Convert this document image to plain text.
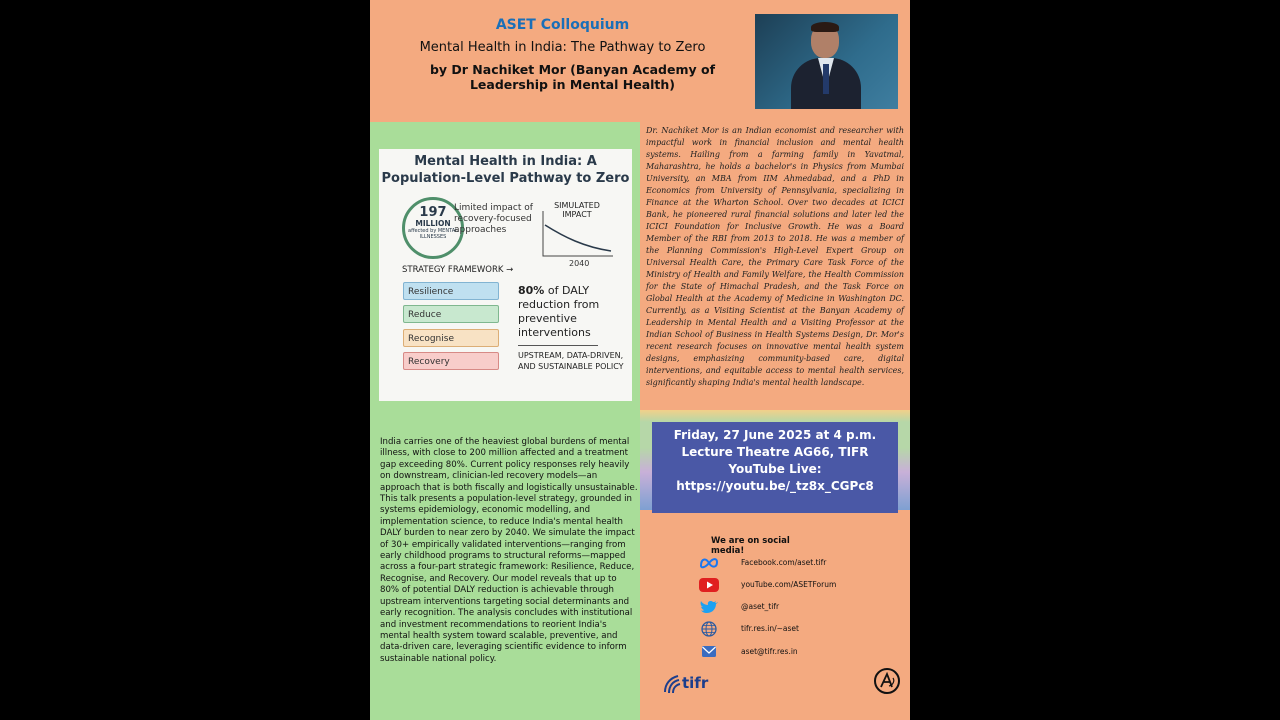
ASET Colloquium
Mental Health in India: The Pathway to Zero
by Dr Nachiket Mor (Banyan Academy of Leadership in Mental Health)
Dr. Nachiket Mor is an Indian economist and researcher with impactful work in financial inclusion and mental health systems. Hailing from a farming family in Yavatmal, Maharashtra, he holds a bachelor's in Physics from Mumbai University, an MBA from IIM Ahmedabad, and a PhD in Economics from University of Pennsylvania, specializing in Finance at the Wharton School. Over two decades at ICICI Bank, he pioneered rural financial solutions and later led the ICICI Foundation for Inclusive Growth. He was a Board Member of the RBI from 2013 to 2018. He was a member of the Planning Commission's High-Level Expert Group on Universal Health Care, the Primary Care Task Force of the Ministry of Health and Family Welfare, the Health Commission for the State of Himachal Pradesh, and the Task Force on Global Health at the Academy of Medicine in Washington DC. Currently, as a Visiting Scientist at the Banyan Academy of Leadership in Mental Health and a Visiting Professor at the Indian School of Business in Health Systems Design, Dr. Mor's recent research focuses on innovative mental health system designs, emphasizing community-based care, digital interventions, and equitable access to mental health services, significantly shaping India's mental health landscape.
Mental Health in India: A Population-Level Pathway to Zero
197
MILLION
affected by MENTAL ILLNESSES
Limited impact of recovery-focused approaches
SIMULATED IMPACT
2040
STRATEGY FRAMEWORK →
Resilience
Reduce
Recognise
Recovery
80% of DALY reduction from preventive interventions
UPSTREAM, DATA-DRIVEN, AND SUSTAINABLE POLICY
India carries one of the heaviest global burdens of mental illness, with close to 200 million affected and a treatment gap exceeding 80%. Current policy responses rely heavily on downstream, clinician-led recovery models—an approach that is both fiscally and logistically unsustainable. This talk presents a population-level strategy, grounded in systems epidemiology, economic modelling, and implementation science, to reduce India's mental health DALY burden to near zero by 2040. We simulate the impact of 30+ empirically validated interventions—ranging from early childhood programs to structural reforms—mapped across a four-part strategic framework: Resilience, Reduce, Recognise, and Recovery. Our model reveals that up to 80% of potential DALY reduction is achievable through upstream interventions targeting social determinants and early recognition. The analysis concludes with institutional and investment recommendations to reorient India's mental health system toward scalable, preventive, and data-driven care, leveraging scientific evidence to inform sustainable national policy.
Friday, 27 June 2025 at 4 p.m.
Lecture Theatre AG66, TIFR
YouTube Live:
https://youtu.be/_tz8x_CGPc8
We are on social media!
Facebook.com/aset.tifr
youTube.com/ASETForum
@aset_tifr
tifr.res.in/~aset
aset@tifr.res.in
tifr
